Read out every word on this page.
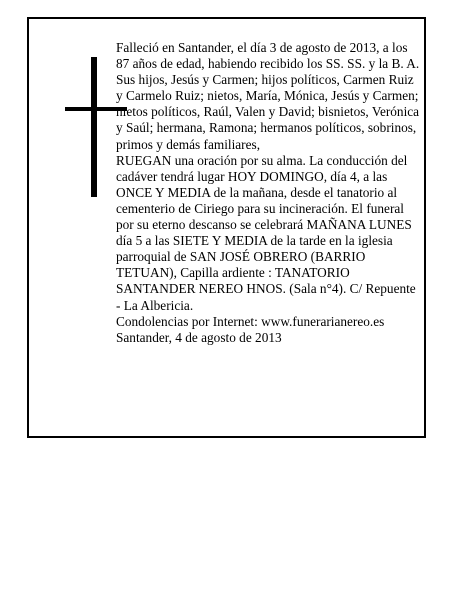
Falleció en Santander, el día 3 de agosto de 2013, a los 87 años de edad, habiendo recibido los SS. SS. y la B. A.

Sus hijos, Jesús y Carmen; hijos políticos, Carmen Ruiz y Carmelo Ruiz; nietos, María, Mónica, Jesús y Carmen; nietos políticos, Raúl, Valen y David; bisnietos, Verónica y Saúl; hermana, Ramona; hermanos políticos, sobrinos, primos y demás familiares,

RUEGAN una oración por su alma. La conducción del cadáver tendrá lugar HOY DOMINGO, día 4, a las ONCE Y MEDIA de la mañana, desde el tanatorio al cementerio de Ciriego para su incineración. El funeral por su eterno descanso se celebrará MAÑANA LUNES día 5 a las SIETE Y MEDIA de la tarde en la iglesia parroquial de SAN JOSÉ OBRERO (BARRIO TETUAN), Capilla ardiente : TANATORIO SANTANDER NEREO HNOS. (Sala n°4). C/ Repuente - La Albericia.

Condolencias por Internet: www.funerarianereo.es

Santander, 4 de agosto de 2013
